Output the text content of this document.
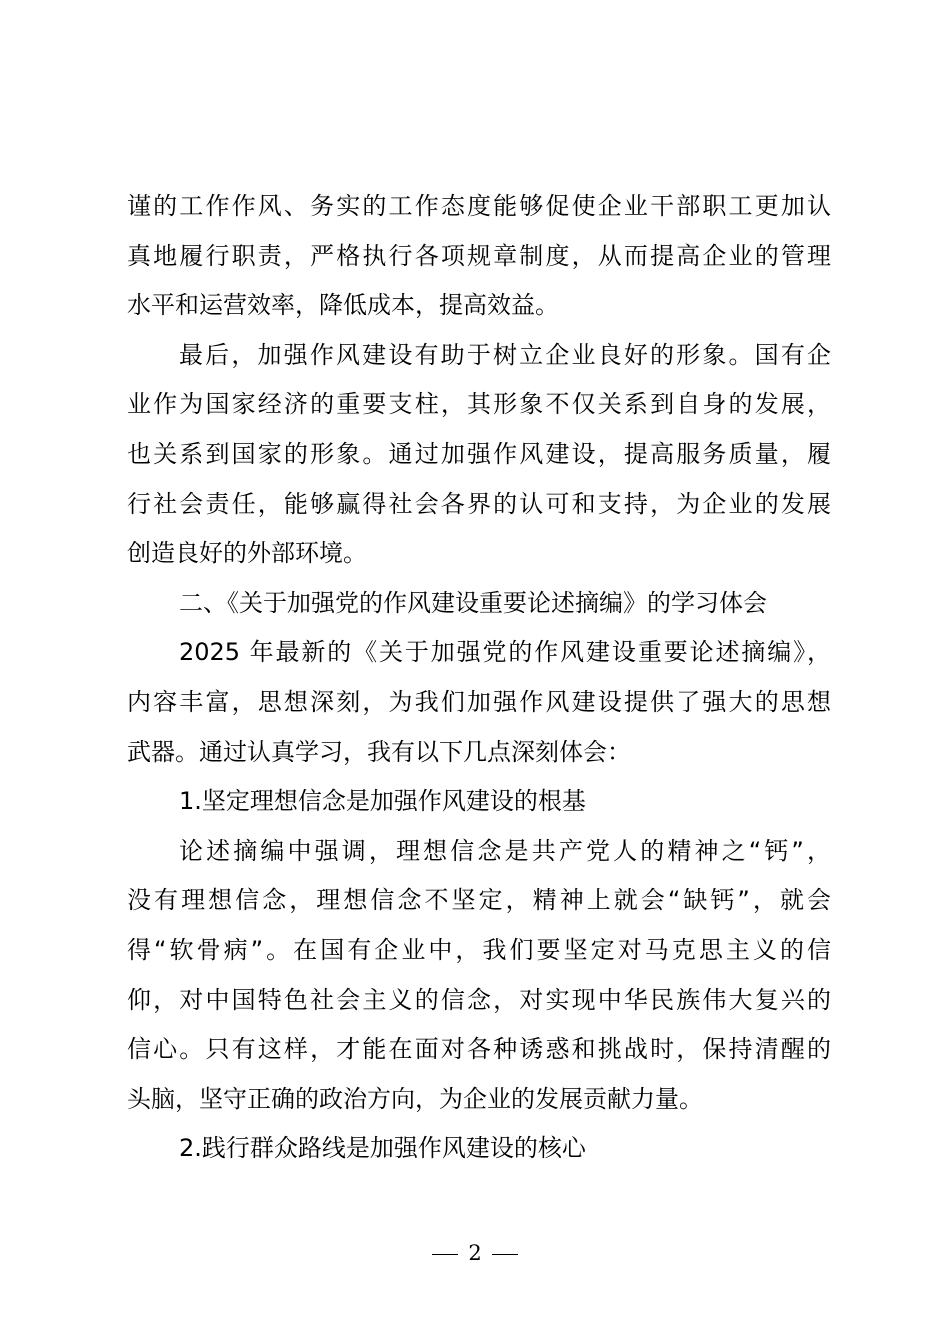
谨的工作作风、务实的工作态度能够促使企业干部职工更加认
真地履行职责，严格执行各项规章制度，从而提高企业的管理
水平和运营效率，降低成本，提高效益。
最后，加强作风建设有助于树立企业良好的形象。国有企
业作为国家经济的重要支柱，其形象不仅关系到自身的发展，
也关系到国家的形象。通过加强作风建设，提高服务质量，履
行社会责任，能够赢得社会各界的认可和支持，为企业的发展
创造良好的外部环境。
二、《关于加强党的作风建设重要论述摘编》的学习体会
2025 年最新的《关于加强党的作风建设重要论述摘编》，
内容丰富，思想深刻，为我们加强作风建设提供了强大的思想
武器。通过认真学习，我有以下几点深刻体会：
1.坚定理想信念是加强作风建设的根基
论述摘编中强调，理想信念是共产党人的精神之“钙”，
没有理想信念，理想信念不坚定，精神上就会“缺钙”，就会
得“软骨病”。在国有企业中，我们要坚定对马克思主义的信
仰，对中国特色社会主义的信念，对实现中华民族伟大复兴的
信心。只有这样，才能在面对各种诱惑和挑战时，保持清醒的
头脑，坚守正确的政治方向，为企业的发展贡献力量。
2.践行群众路线是加强作风建设的核心
2
